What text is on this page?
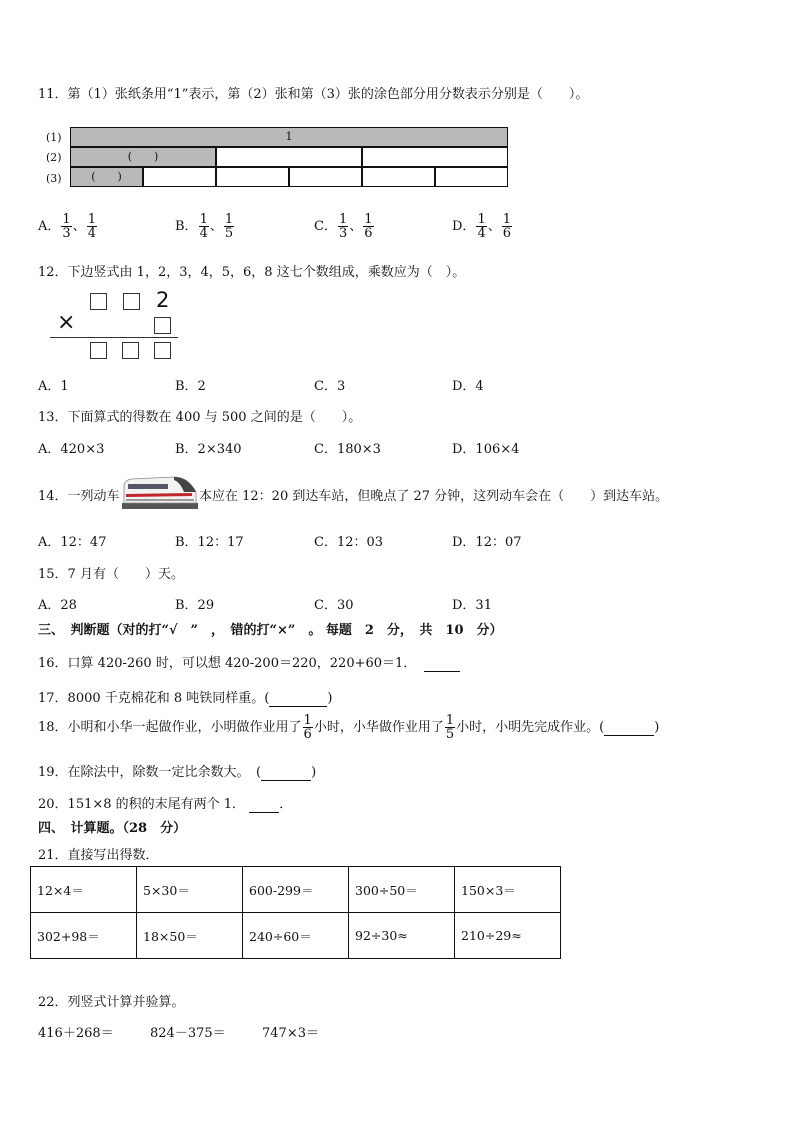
11．第（1）张纸条用“1”表示，第（2）张和第（3）张的涂色部分用分数表示分别是（　　）。
(1)
(2)
(3)
1
(　　)
(　　)
A． $\frac{1}{3}$ 、 $\frac{1}{4}$	B． $\frac{1}{4}$ 、 $\frac{1}{5}$	C． $\frac{1}{3}$ 、 $\frac{1}{6}$	D． $\frac{1}{4}$ 、 $\frac{1}{6}$
12．下边竖式由 1，2，3，4，5，6，8 这七个数组成，乘数应为（　）。
2
×
A．1	B．2	C．3	D．4
13．下面算式的得数在 400 与 500 之间的是（　　）。
A．420×3	B．2×340	C．180×3	D．106×4
14．一列动车	本应在 12：20 到达车站，但晚点了 27 分钟，这列动车会在（　　）到达车站。
A．12：47	B．12：17	C．12：03	D．12：07
15．7 月有（　　）天。
A．28	B．29	C．30	D．31
三、　判断题（对的打“√　”　，　错的打“×”　。 每题　2　分，　共　10　分）
16．口算 420-260 时，可以想 420-200＝220，220+60＝1．
17．8000 千克棉花和 8 吨铁同样重。(	)
18．小明和小华一起做作业，小明做作业用了 $\frac{1}{6}$ 小时，小华做作业用了 $\frac{1}{5}$ 小时，小明先完成作业。(	)
19．在除法中，除数一定比余数大。　(	)
20．151×8 的积的末尾有两个 1．	．
四、　计算题。（28　分）
21．直接写出得数．
12×4＝	5×30＝	600-299＝	300÷50＝	150×3＝
302+98＝	18×50＝	240÷60＝	92÷30≈	210÷29≈
22．列竖式计算并验算。
416＋268＝	824－375＝	747×3＝
